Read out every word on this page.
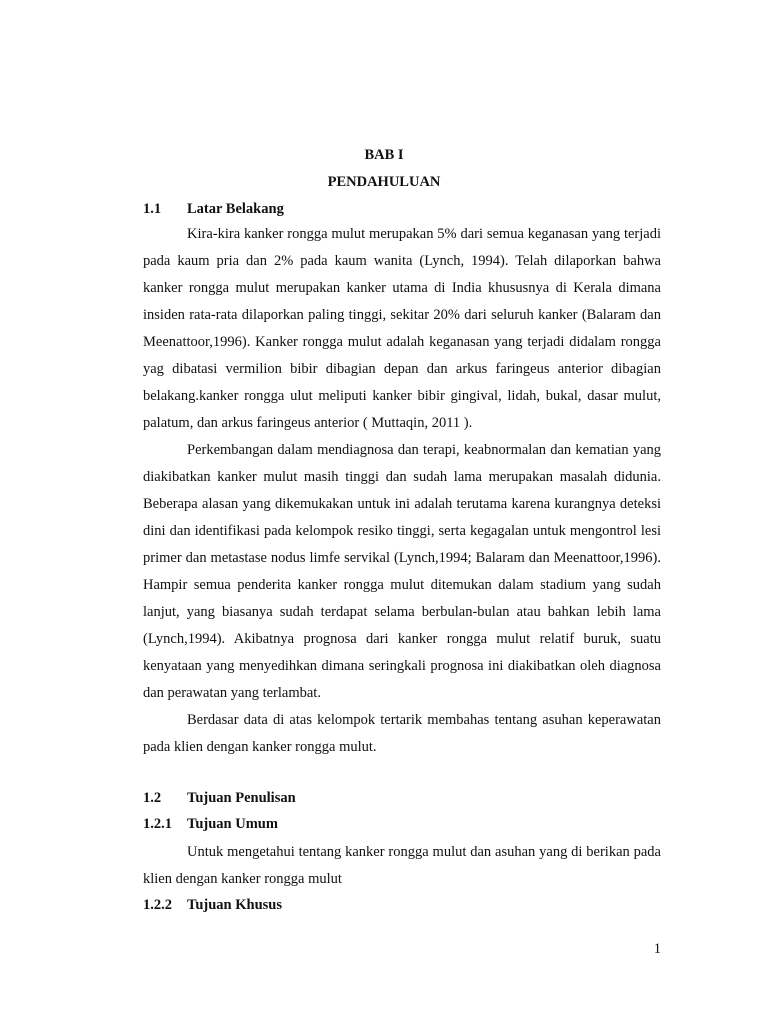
BAB I
PENDAHULUAN
1.1 Latar Belakang

Kira-kira kanker rongga mulut merupakan 5% dari semua keganasan yang terjadi pada kaum pria dan 2% pada kaum wanita (Lynch, 1994). Telah dilaporkan bahwa kanker rongga mulut merupakan kanker utama di India khususnya di Kerala dimana insiden rata-rata dilaporkan paling tinggi, sekitar 20% dari seluruh kanker (Balaram dan Meenattoor,1996). Kanker rongga mulut adalah keganasan yang terjadi didalam rongga yag dibatasi vermilion bibir dibagian depan dan arkus faringeus anterior dibagian belakang.kanker rongga ulut meliputi kanker bibir gingival, lidah, bukal, dasar mulut, palatum, dan arkus faringeus anterior ( Muttaqin, 2011 ).

Perkembangan dalam mendiagnosa dan terapi, keabnormalan dan kematian yang diakibatkan kanker mulut masih tinggi dan sudah lama merupakan masalah didunia. Beberapa alasan yang dikemukakan untuk ini adalah terutama karena kurangnya deteksi dini dan identifikasi pada kelompok resiko tinggi, serta kegagalan untuk mengontrol lesi primer dan metastase nodus limfe servikal (Lynch,1994; Balaram dan Meenattoor,1996). Hampir semua penderita kanker rongga mulut ditemukan dalam stadium yang sudah lanjut, yang biasanya sudah terdapat selama berbulan-bulan atau bahkan lebih lama (Lynch,1994). Akibatnya prognosa dari kanker rongga mulut relatif buruk, suatu kenyataan yang menyedihkan dimana seringkali prognosa ini diakibatkan oleh diagnosa dan perawatan yang terlambat.

Berdasar data di atas kelompok tertarik membahas tentang asuhan keperawatan pada klien dengan kanker rongga mulut.

1.2 Tujuan Penulisan
1.2.1 Tujuan Umum

Untuk mengetahui tentang kanker rongga mulut dan asuhan yang di berikan pada klien dengan kanker rongga mulut

1.2.2 Tujuan Khusus
1
